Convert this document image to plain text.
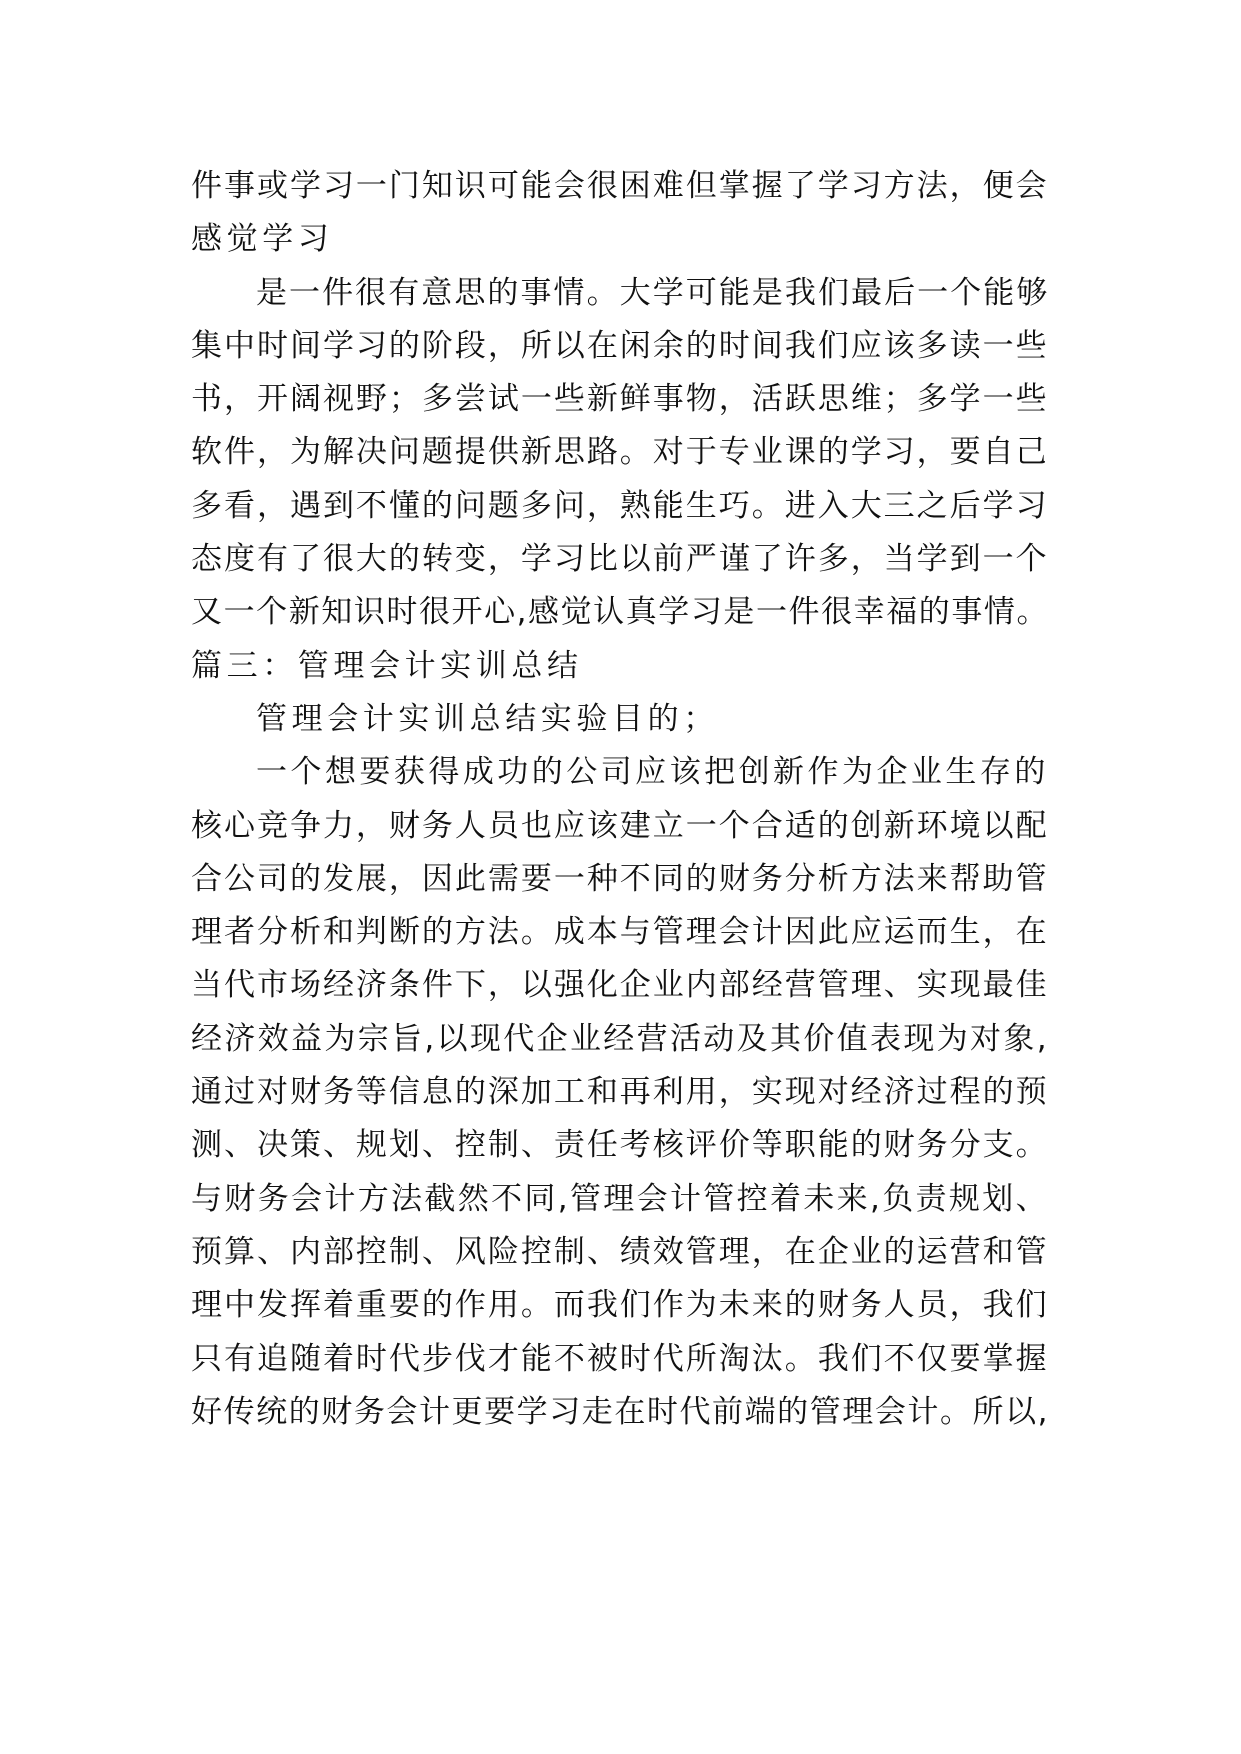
件事或学习一门知识可能会很困难但掌握了学习方法，便会
感觉学习
是一件很有意思的事情。大学可能是我们最后一个能够
集中时间学习的阶段，所以在闲余的时间我们应该多读一些
书，开阔视野；多尝试一些新鲜事物，活跃思维；多学一些
软件，为解决问题提供新思路。对于专业课的学习，要自己
多看，遇到不懂的问题多问，熟能生巧。进入大三之后学习
态度有了很大的转变，学习比以前严谨了许多，当学到一个
又一个新知识时很开心,感觉认真学习是一件很幸福的事情。
篇三：管理会计实训总结
管理会计实训总结实验目的；
一个想要获得成功的公司应该把创新作为企业生存的
核心竞争力，财务人员也应该建立一个合适的创新环境以配
合公司的发展，因此需要一种不同的财务分析方法来帮助管
理者分析和判断的方法。成本与管理会计因此应运而生，在
当代市场经济条件下，以强化企业内部经营管理、实现最佳
经济效益为宗旨,以现代企业经营活动及其价值表现为对象,
通过对财务等信息的深加工和再利用，实现对经济过程的预
测、决策、规划、控制、责任考核评价等职能的财务分支。
与财务会计方法截然不同,管理会计管控着未来,负责规划、
预算、内部控制、风险控制、绩效管理，在企业的运营和管
理中发挥着重要的作用。而我们作为未来的财务人员，我们
只有追随着时代步伐才能不被时代所淘汰。我们不仅要掌握
好传统的财务会计更要学习走在时代前端的管理会计。所以,
